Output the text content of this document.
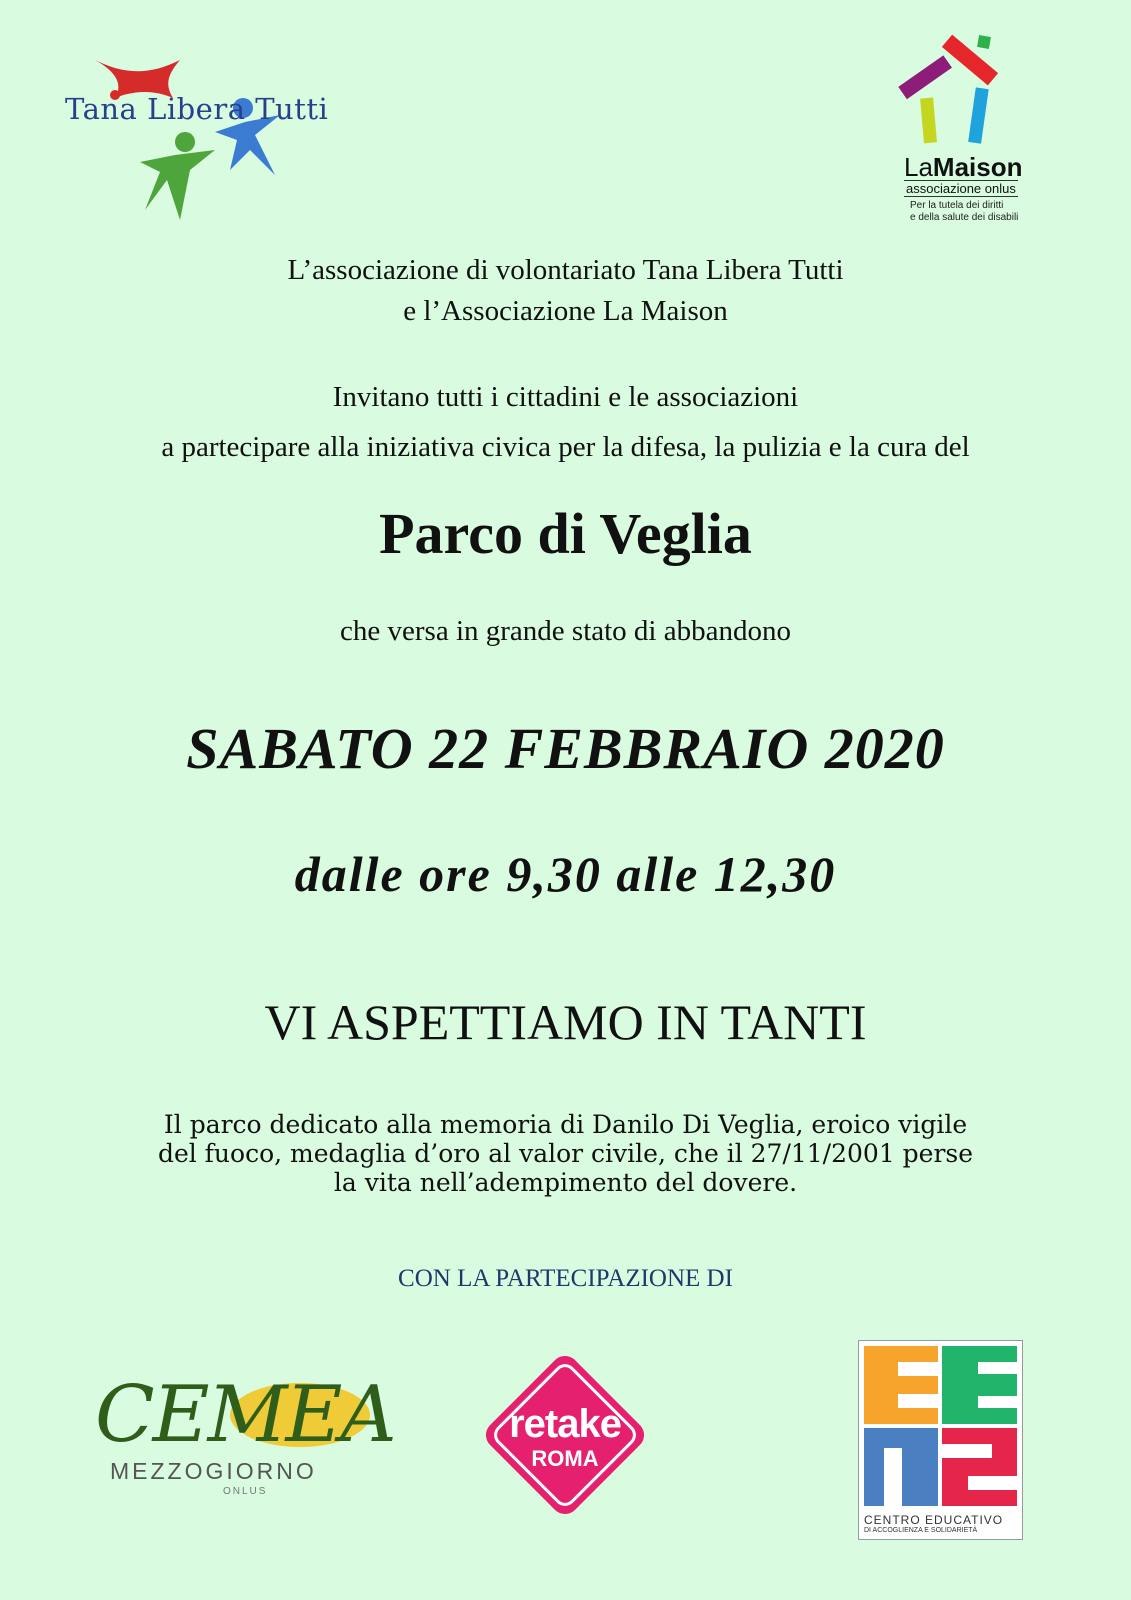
Tana Libera Tutti
LaMaison
associazione onlus
Per la tutela dei diritti
e della salute dei disabili
L’associazione di volontariato Tana Libera Tutti
e l’Associazione La Maison
Invitano tutti i cittadini e le associazioni
a partecipare alla iniziativa civica per la difesa, la pulizia e la cura del
Parco di Veglia
che versa in grande stato di abbandono
SABATO 22 FEBBRAIO 2020
dalle ore 9,30 alle 12,30
VI ASPETTIAMO IN TANTI
Il parco dedicato alla memoria di Danilo Di Veglia, eroico vigile
del fuoco, medaglia d’oro al valor civile, che il 27/11/2001 perse
la vita nell’adempimento del dovere.
CON LA PARTECIPAZIONE DI
CEMEA
MEZZOGIORNO
ONLUS
retake
ROMA
CENTRO EDUCATIVO
DI ACCOGLIENZA E SOLIDARIETÀ
